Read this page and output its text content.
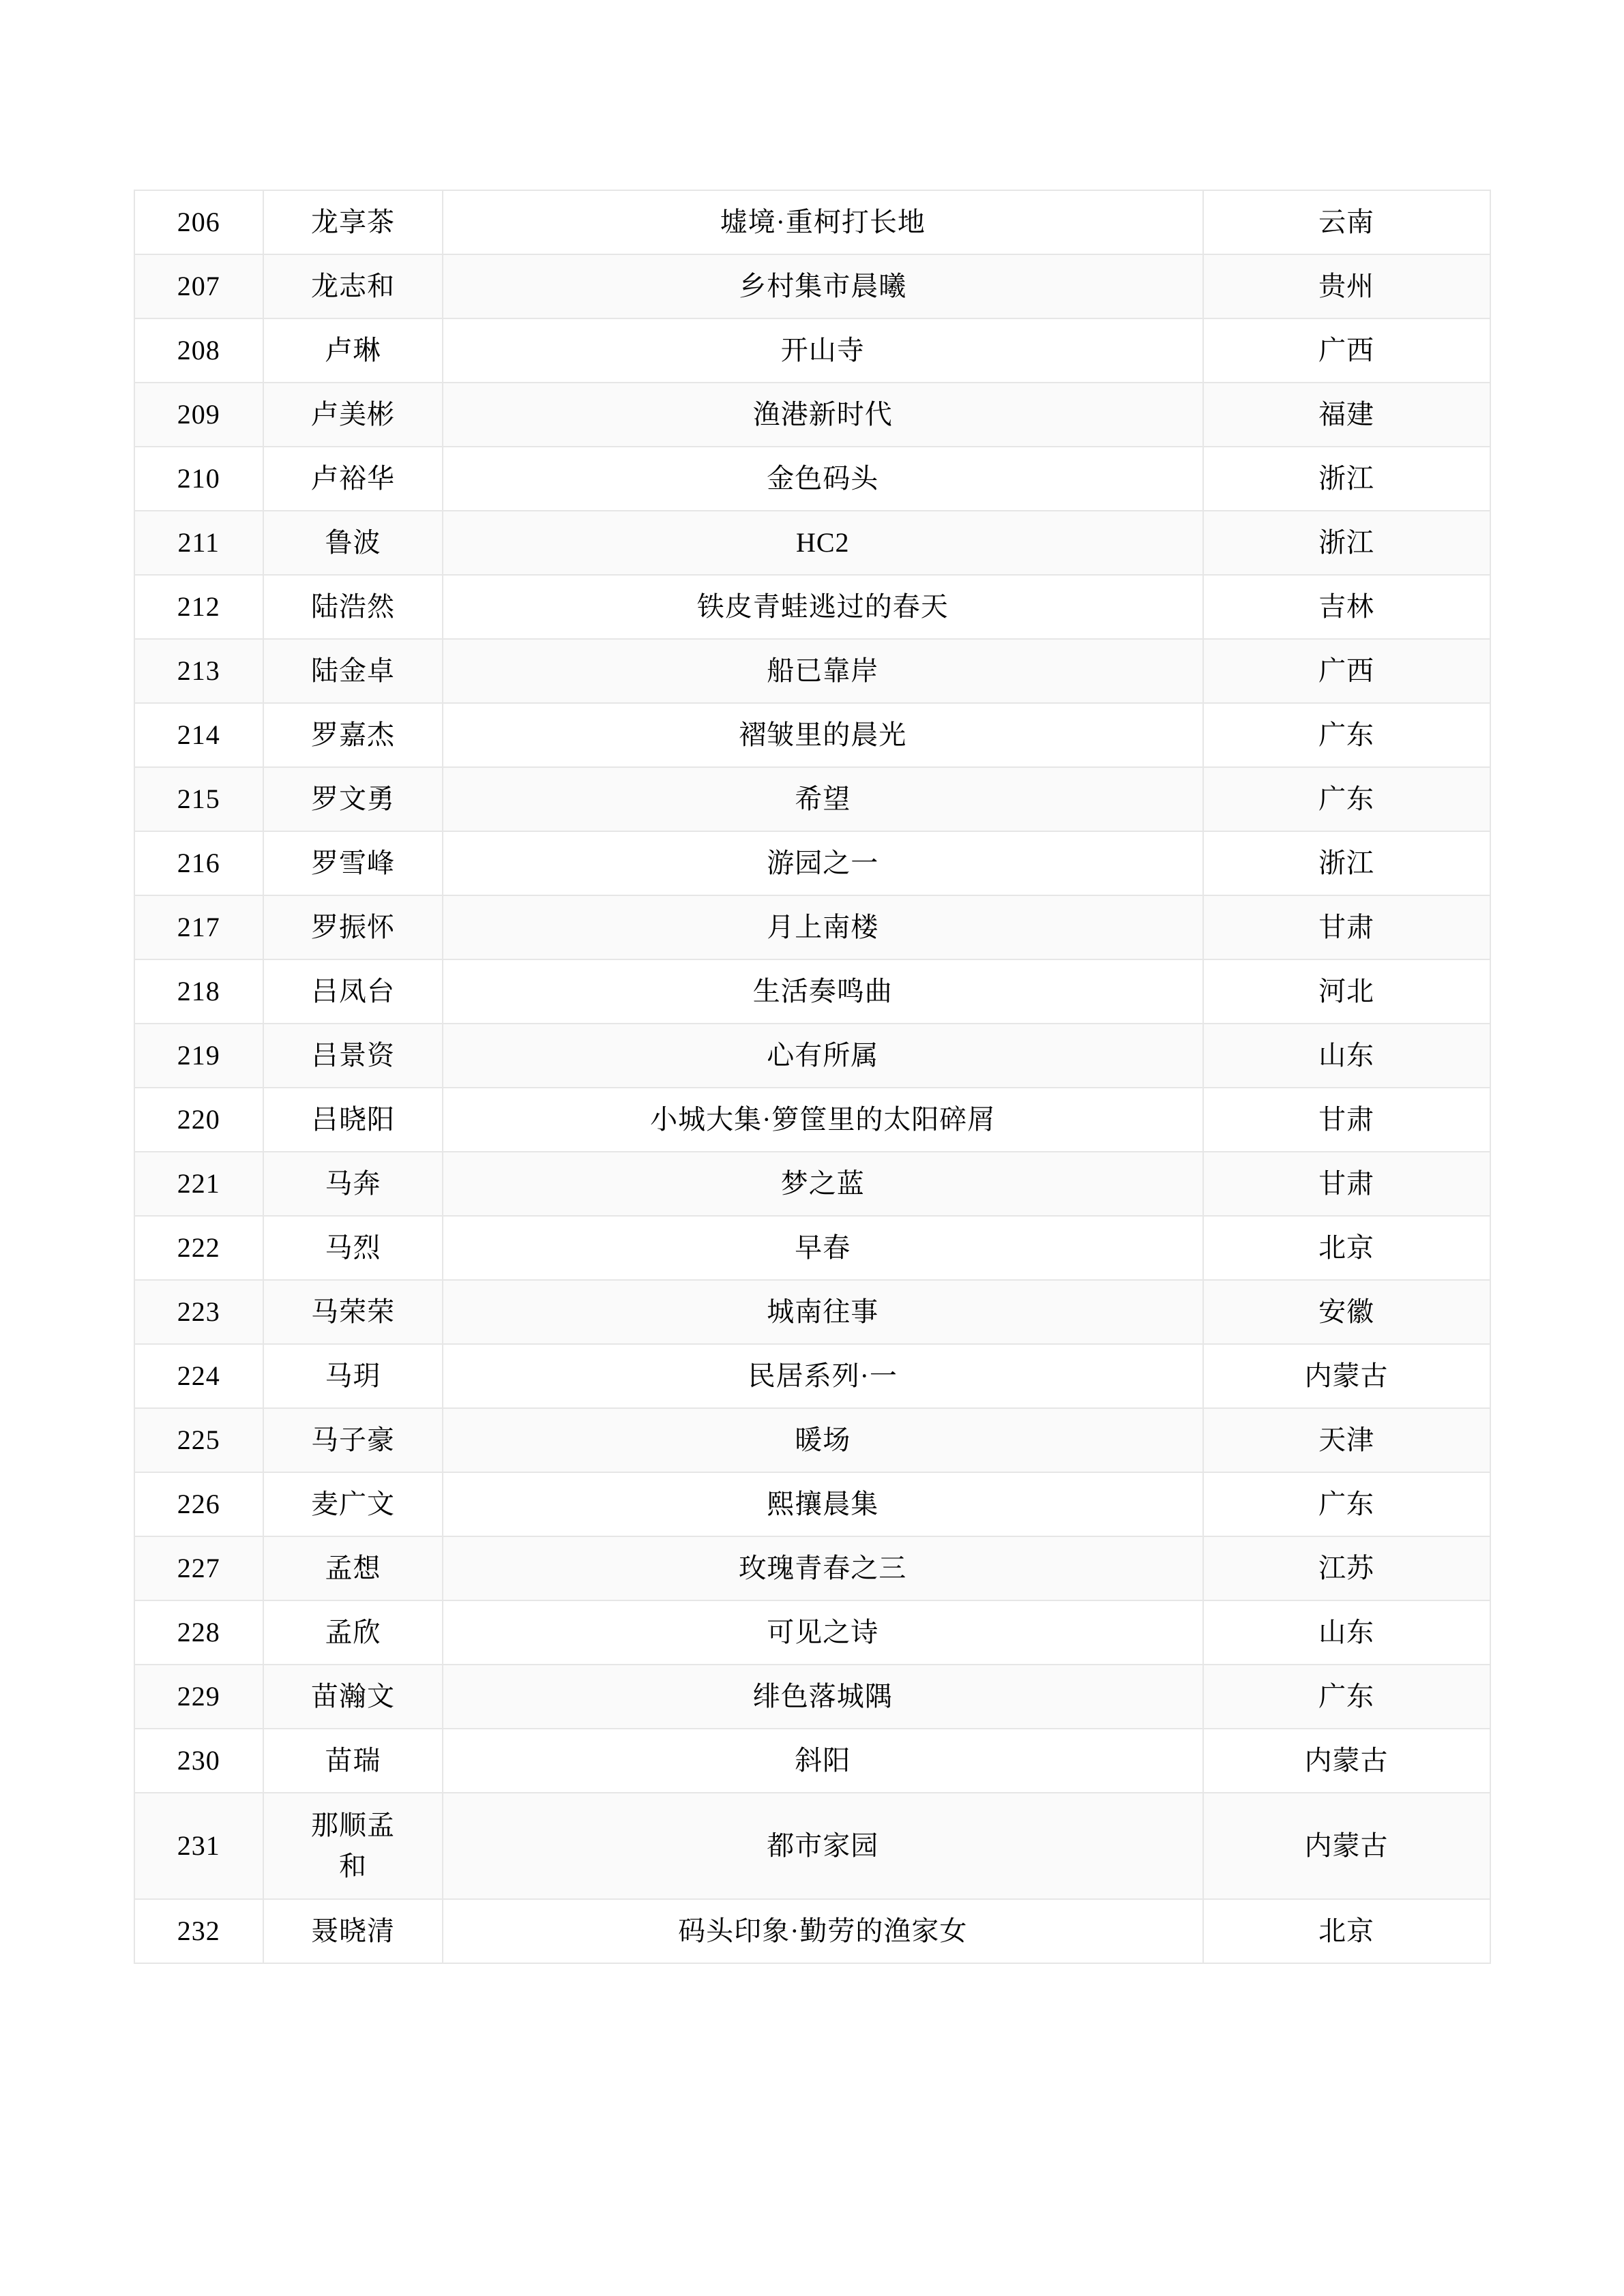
206	龙享茶	墟境·重柯打长地	云南
207	龙志和	乡村集市晨曦	贵州
208	卢琳	开山寺	广西
209	卢美彬	渔港新时代	福建
210	卢裕华	金色码头	浙江
211	鲁波	HC2	浙江
212	陆浩然	铁皮青蛙逃过的春天	吉林
213	陆金卓	船已靠岸	广西
214	罗嘉杰	褶皱里的晨光	广东
215	罗文勇	希望	广东
216	罗雪峰	游园之一	浙江
217	罗振怀	月上南楼	甘肃
218	吕凤台	生活奏鸣曲	河北
219	吕景资	心有所属	山东
220	吕晓阳	小城大集·箩筐里的太阳碎屑	甘肃
221	马奔	梦之蓝	甘肃
222	马烈	早春	北京
223	马荣荣	城南往事	安徽
224	马玥	民居系列·一	内蒙古
225	马子豪	暖场	天津
226	麦广文	熙攘晨集	广东
227	孟想	玫瑰青春之三	江苏
228	孟欣	可见之诗	山东
229	苗瀚文	绯色落城隅	广东
230	苗瑞	斜阳	内蒙古
231	那顺孟和	都市家园	内蒙古
232	聂晓清	码头印象·勤劳的渔家女	北京
